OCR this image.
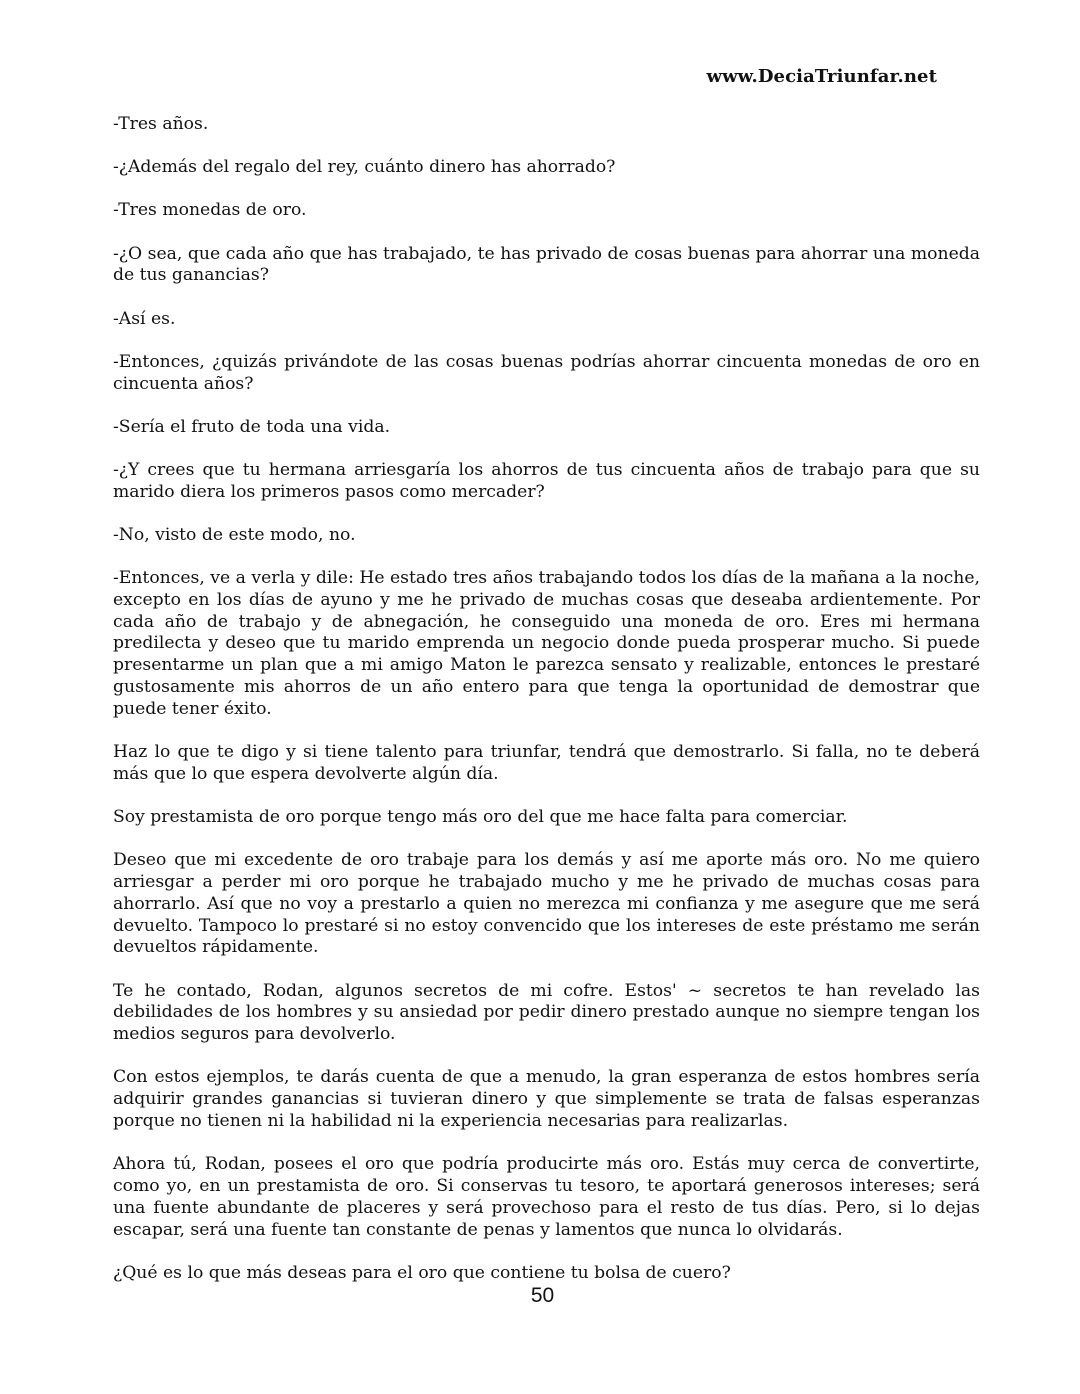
www.DeciaTriunfar.net

-Tres años.

-¿Además del regalo del rey, cuánto dinero has ahorrado?

-Tres monedas de oro.

-¿O sea, que cada año que has trabajado, te has privado de cosas buenas para ahorrar una moneda de tus ganancias?

-Así es.

-Entonces, ¿quizás privándote de las cosas buenas podrías ahorrar cincuenta monedas de oro en cincuenta años?

-Sería el fruto de toda una vida.

-¿Y crees que tu hermana arriesgaría los ahorros de tus cincuenta años de trabajo para que su marido diera los primeros pasos como mercader?

-No, visto de este modo, no.

-Entonces, ve a verla y dile: He estado tres años trabajando todos los días de la mañana a la noche, excepto en los días de ayuno y me he privado de muchas cosas que deseaba ardientemente. Por cada año de trabajo y de abnegación, he conseguido una moneda de oro. Eres mi hermana predilecta y deseo que tu marido emprenda un negocio donde pueda prosperar mucho. Si puede presentarme un plan que a mi amigo Maton le parezca sensato y realizable, entonces le prestaré gustosamente mis ahorros de un año entero para que tenga la oportunidad de demostrar que puede tener éxito.

Haz lo que te digo y si tiene talento para triunfar, tendrá que demostrarlo. Si falla, no te deberá más que lo que espera devolverte algún día.

Soy prestamista de oro porque tengo más oro del que me hace falta para comerciar.

Deseo que mi excedente de oro trabaje para los demás y así me aporte más oro. No me quiero arriesgar a perder mi oro porque he trabajado mucho y me he privado de muchas cosas para ahorrarlo. Así que no voy a prestarlo a quien no merezca mi confianza y me asegure que me será devuelto. Tampoco lo prestaré si no estoy convencido que los intereses de este préstamo me serán devueltos rápidamente.

Te he contado, Rodan, algunos secretos de mi cofre. Estos' ~ secretos te han revelado las debilidades de los hombres y su ansiedad por pedir dinero prestado aunque no siempre tengan los medios seguros para devolverlo.

Con estos ejemplos, te darás cuenta de que a menudo, la gran esperanza de estos hombres sería adquirir grandes ganancias si tuvieran dinero y que simplemente se trata de falsas esperanzas porque no tienen ni la habilidad ni la experiencia necesarias para realizarlas.

Ahora tú, Rodan, posees el oro que podría producirte más oro. Estás muy cerca de convertirte, como yo, en un prestamista de oro. Si conservas tu tesoro, te aportará generosos intereses; será una fuente abundante de placeres y será provechoso para el resto de tus días. Pero, si lo dejas escapar, será una fuente tan constante de penas y lamentos que nunca lo olvidarás.

¿Qué es lo que más deseas para el oro que contiene tu bolsa de cuero?

50
